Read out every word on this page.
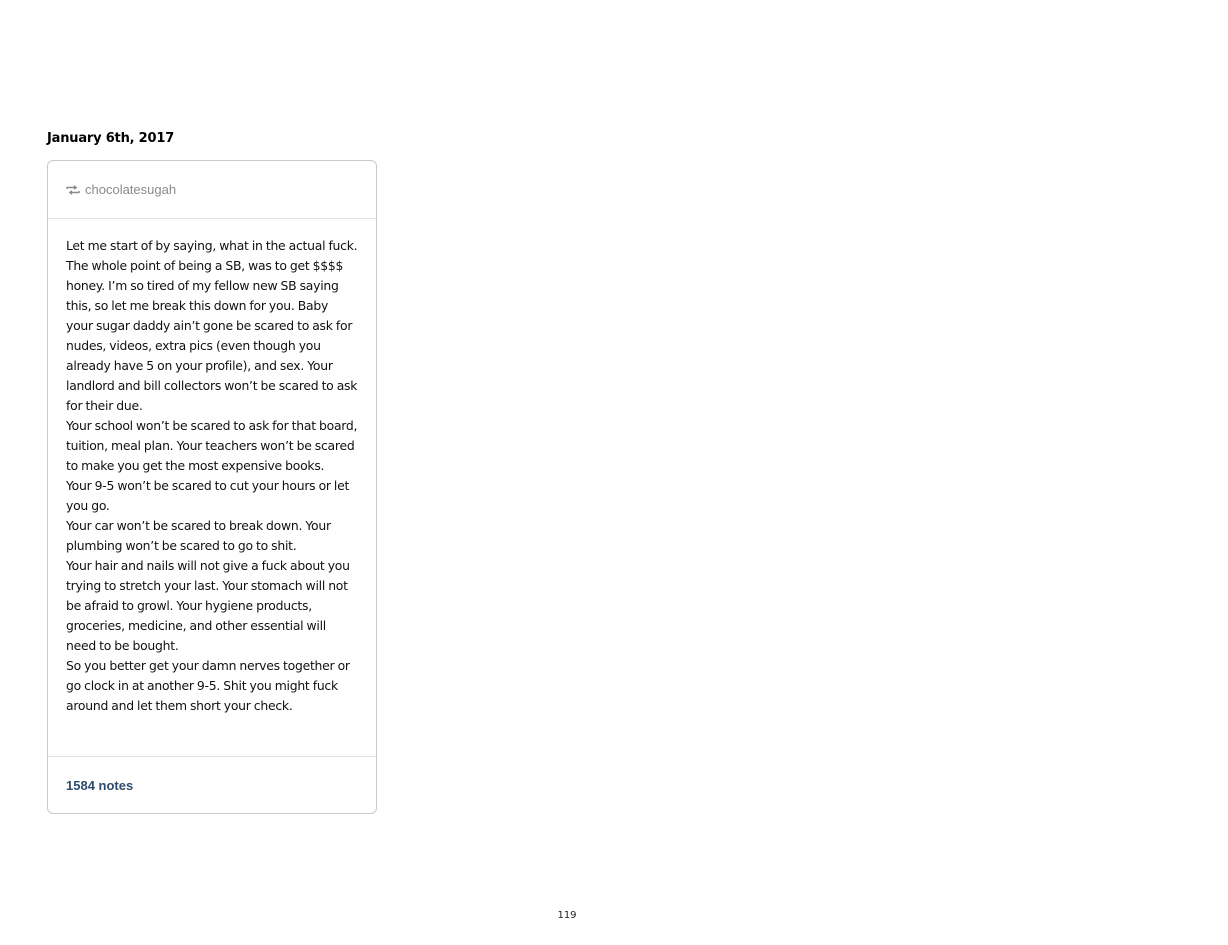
January 6th, 2017
chocolatesugah

Let me start of by saying, what in the actual fuck. The whole point of being a SB, was to get $$$$ honey. I’m so tired of my fellow new SB saying this, so let me break this down for you. Baby your sugar daddy ain’t gone be scared to ask for nudes, videos, extra pics (even though you already have 5 on your profile), and sex. Your landlord and bill collectors won’t be scared to ask for their due.

Your school won’t be scared to ask for that board, tuition, meal plan. Your teachers won’t be scared to make you get the most expensive books.

Your 9-5 won’t be scared to cut your hours or let you go.

Your car won’t be scared to break down. Your plumbing won’t be scared to go to shit.

Your hair and nails will not give a fuck about you trying to stretch your last. Your stomach will not be afraid to growl. Your hygiene products, groceries, medicine, and other essential will need to be bought.

So you better get your damn nerves together or go clock in at another 9-5. Shit you might fuck around and let them short your check.

1584 notes
119
